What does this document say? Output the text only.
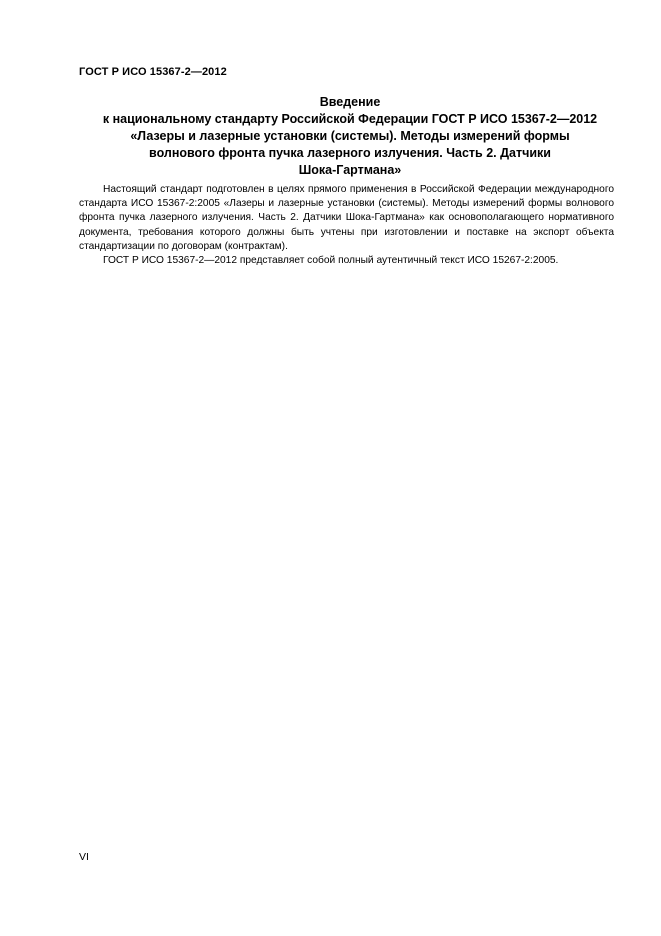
ГОСТ Р ИСО 15367-2—2012
Введение
к национальному стандарту Российской Федерации ГОСТ Р ИСО 15367-2—2012
«Лазеры и лазерные установки (системы). Методы измерений формы
волнового фронта пучка лазерного излучения. Часть 2. Датчики
Шока-Гартмана»

Настоящий стандарт подготовлен в целях прямого применения в Российской Федерации международного стандарта ИСО 15367-2:2005 «Лазеры и лазерные установки (системы). Методы измерений формы волнового фронта пучка лазерного излучения. Часть 2. Датчики Шока-Гартмана» как основополагающего нормативного документа, требования которого должны быть учтены при изготовлении и поставке на экспорт объекта стандартизации по договорам (контрактам).

ГОСТ Р ИСО 15367-2—2012 представляет собой полный аутентичный текст ИСО 15267-2:2005.

VI
